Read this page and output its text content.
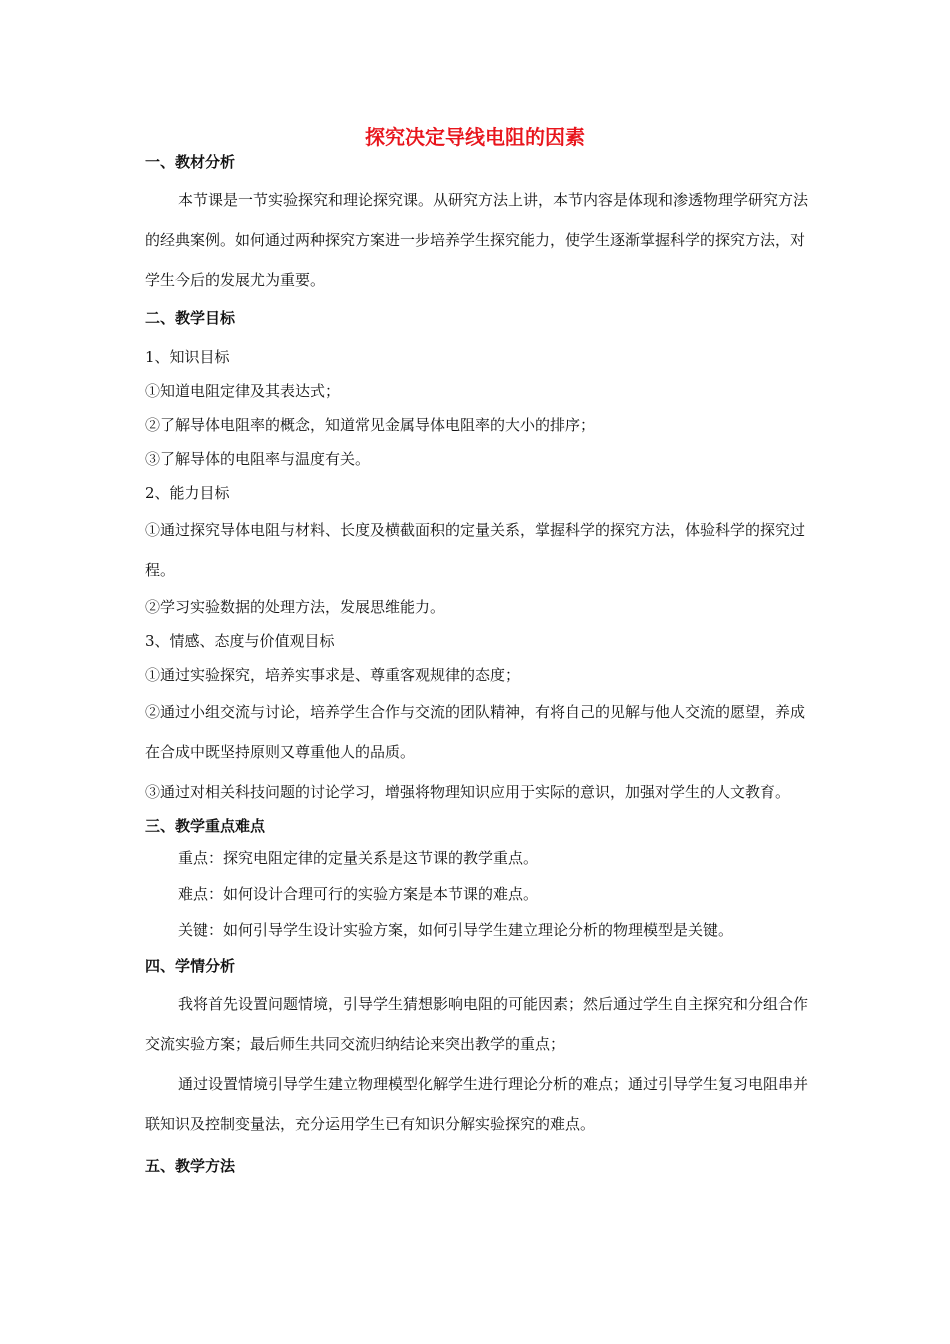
探究决定导线电阻的因素
一、教材分析
本节课是一节实验探究和理论探究课。从研究方法上讲，本节内容是体现和渗透物理学研究方法的经典案例。如何通过两种探究方案进一步培养学生探究能力，使学生逐渐掌握科学的探究方法，对学生今后的发展尤为重要。
二、教学目标
1、知识目标
①知道电阻定律及其表达式；
②了解导体电阻率的概念，知道常见金属导体电阻率的大小的排序；
③了解导体的电阻率与温度有关。
2、能力目标
①通过探究导体电阻与材料、长度及横截面积的定量关系，掌握科学的探究方法，体验科学的探究过程。
②学习实验数据的处理方法，发展思维能力。
3、情感、态度与价值观目标
①通过实验探究，培养实事求是、尊重客观规律的态度；
②通过小组交流与讨论，培养学生合作与交流的团队精神，有将自己的见解与他人交流的愿望，养成在合成中既坚持原则又尊重他人的品质。
③通过对相关科技问题的讨论学习，增强将物理知识应用于实际的意识，加强对学生的人文教育。
三、教学重点难点
重点：探究电阻定律的定量关系是这节课的教学重点。
难点：如何设计合理可行的实验方案是本节课的难点。
关键：如何引导学生设计实验方案，如何引导学生建立理论分析的物理模型是关键。
四、学情分析
我将首先设置问题情境，引导学生猜想影响电阻的可能因素；然后通过学生自主探究和分组合作交流实验方案；最后师生共同交流归纳结论来突出教学的重点；
通过设置情境引导学生建立物理模型化解学生进行理论分析的难点；通过引导学生复习电阻串并联知识及控制变量法，充分运用学生已有知识分解实验探究的难点。
五、教学方法
